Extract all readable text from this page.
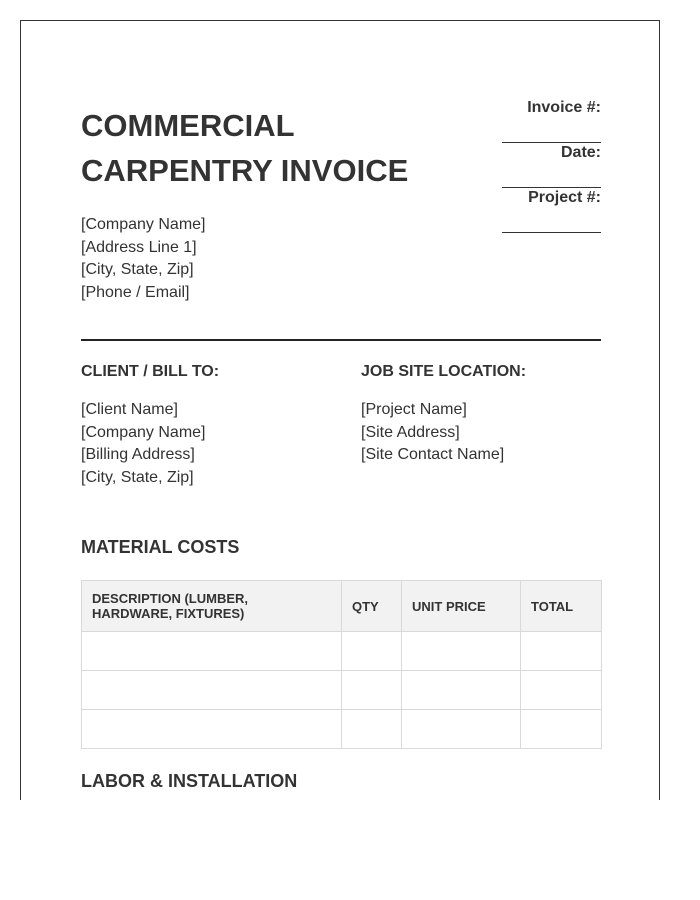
COMMERCIAL
CARPENTRY INVOICE
Invoice #:
Date:
Project #:
[Company Name]
[Address Line 1]
[City, State, Zip]
[Phone / Email]
CLIENT / BILL TO:
[Client Name]
[Company Name]
[Billing Address]
[City, State, Zip]
JOB SITE LOCATION:
[Project Name]
[Site Address]
[Site Contact Name]
MATERIAL COSTS
DESCRIPTION (LUMBER, HARDWARE, FIXTURES)	QTY	UNIT PRICE	TOTAL

LABOR & INSTALLATION
